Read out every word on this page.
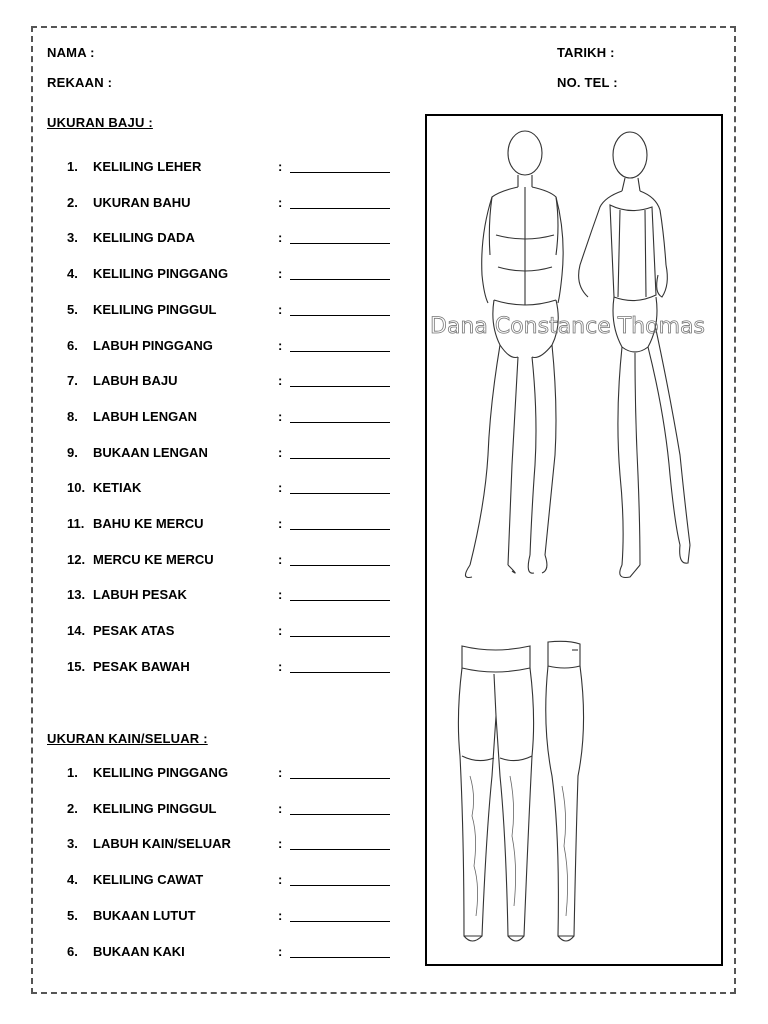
NAMA :
REKAAN :
TARIKH :
NO. TEL :
UKURAN BAJU :
1. KELILING LEHER	:
2. UKURAN BAHU	:
3. KELILING DADA	:
4. KELILING PINGGANG	:
5. KELILING PINGGUL	:
6. LABUH PINGGANG	:
7. LABUH BAJU	:
8. LABUH LENGAN	:
9. BUKAAN LENGAN	:
10. KETIAK	:
11. BAHU KE MERCU	:
12. MERCU KE MERCU	:
13. LABUH PESAK	:
14. PESAK ATAS	:
15. PESAK BAWAH	:
UKURAN KAIN/SELUAR :
1. KELILING PINGGANG	:
2. KELILING PINGGUL	:
3. LABUH KAIN/SELUAR	:
4. KELILING CAWAT	:
5. BUKAAN LUTUT	:
6. BUKAAN KAKI	:
Dana Constance Thomas
